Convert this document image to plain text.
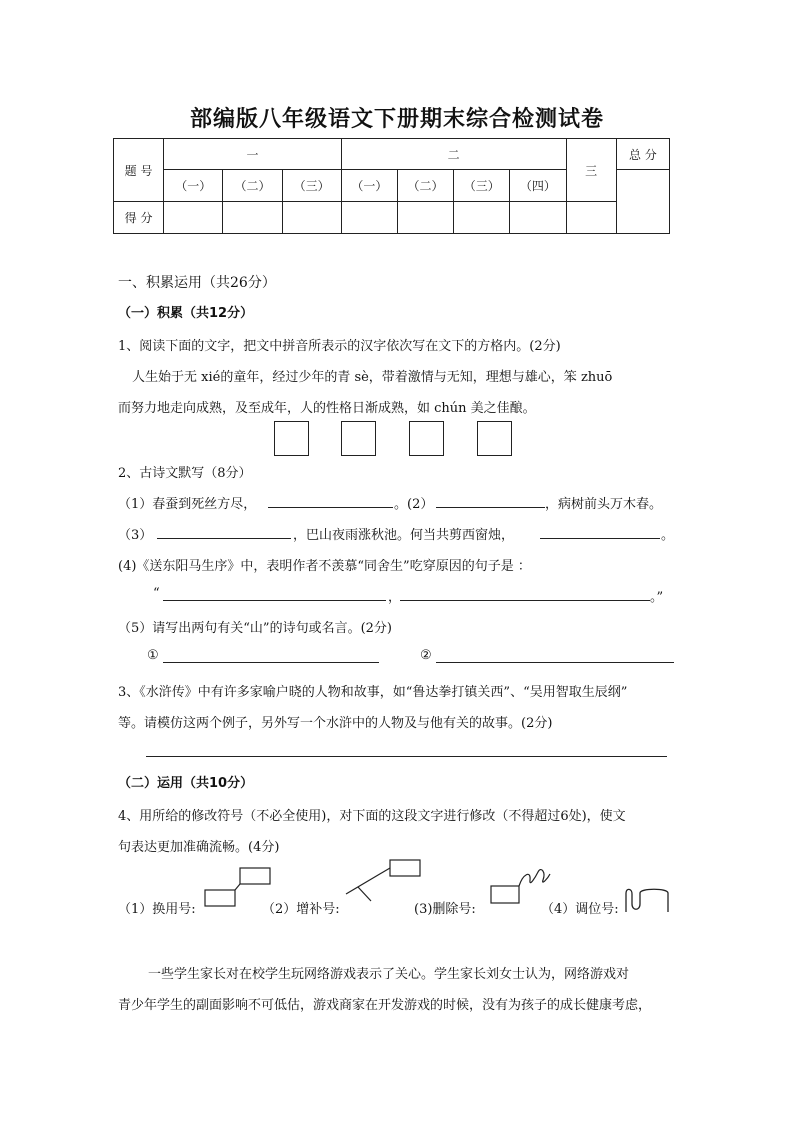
部编版八年级语文下册期末综合检测试卷
题 号	一			二				三	总 分
	（一）	（二）	（三）	（一）	（二）	（三）	（四）		
得 分									
一、积累运用（共26分）
（一）积累（共12分）
1、阅读下面的文字，把文中拼音所表示的汉字依次写在文下的方格内。(2分)
人生始于无 xié的童年，经过少年的青 sè，带着激情与无知，理想与雄心，笨 zhuō
而努力地走向成熟，及至成年，人的性格日渐成熟，如 chún 美之佳酿。
2、古诗文默写（8分）
（1）春蚕到死丝方尽，	。(2）	，病树前头万木春。
（3）	，巴山夜雨涨秋池。何当共剪西窗烛，	。
(4)《送东阳马生序》中，表明作者不羡慕“同舍生”吃穿原因的句子是 ：
“	，	。”
（5）请写出两句有关“山”的诗句或名言。(2分)
①	②
3、《水浒传》中有许多家喻户晓的人物和故事，如“鲁达拳打镇关西”、“吴用智取生辰纲”
等。请模仿这两个例子，另外写一个水浒中的人物及与他有关的故事。(2分)
（二）运用（共10分）
4、用所给的修改符号（不必全使用)，对下面的这段文字进行修改（不得超过6处)，使文
句表达更加准确流畅。(4分)
（1）换用号:	（2）增补号:	(3)删除号:	（4）调位号:
一些学生家长对在校学生玩网络游戏表示了关心。学生家长刘女士认为，网络游戏对
青少年学生的副面影响不可低估，游戏商家在开发游戏的时候，没有为孩子的成长健康考虑，
